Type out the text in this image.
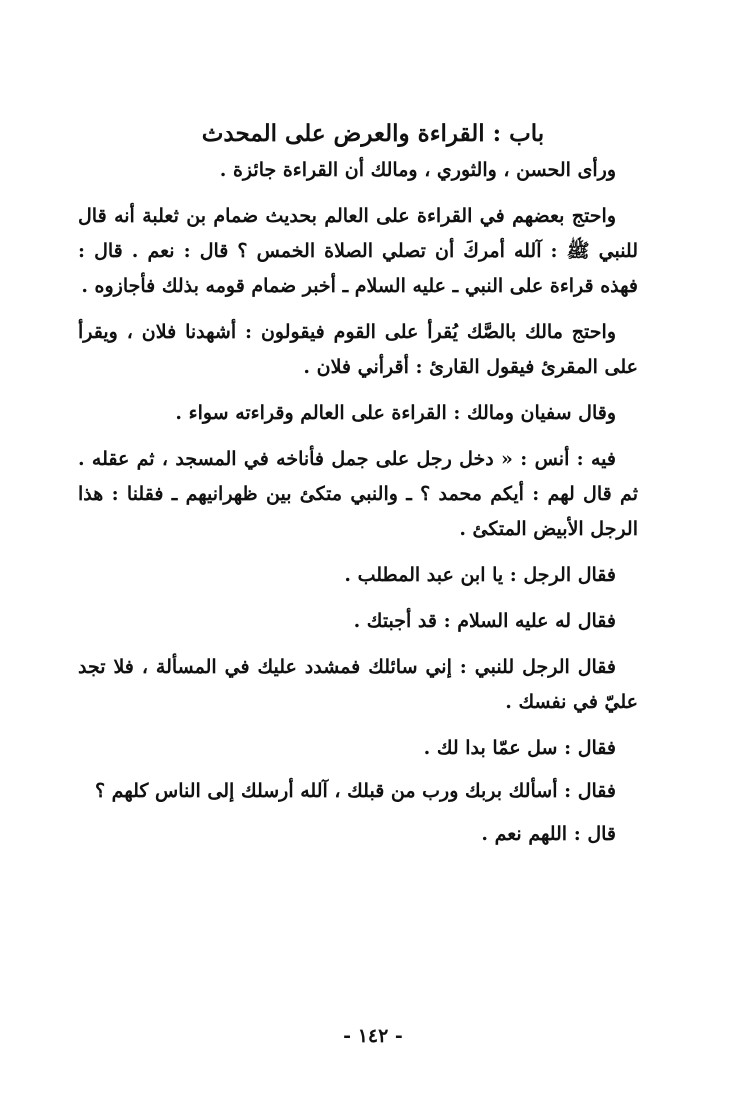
باب : القراءة والعرض على المحدث

ورأى الحسن ، والثوري ، ومالك أن القراءة جائزة .

واحتج بعضهم في القراءة على العالم بحديث ضمام بن ثعلبة أنه قال للنبي ﷺ : آلله أمركَ أن تصلي الصلاة الخمس ؟ قال : نعم . قال : فهذه قراءة على النبي ـ عليه السلام ـ أخبر ضمام قومه بذلك فأجازوه .

واحتج مالك بالصَّك يُقرأ على القوم فيقولون : أشهدنا فلان ، ويقرأ على المقرئ فيقول القارئ : أقرأني فلان .

وقال سفيان ومالك : القراءة على العالم وقراءته سواء .

فيه : أنس : « دخل رجل على جمل فأناخه في المسجد ، ثم عقله . ثم قال لهم : أيكم محمد ؟ ـ والنبي متكئ بين ظهرانيهم ـ فقلنا : هذا الرجل الأبيض المتكئ .

فقال الرجل : يا ابن عبد المطلب .

فقال له عليه السلام : قد أجبتك .

فقال الرجل للنبي : إني سائلك فمشدد عليك في المسألة ، فلا تجد عليّ في نفسك .

فقال : سل عمّا بدا لك .

فقال : أسألك بربك ورب من قبلك ، آلله أرسلك إلى الناس كلهم ؟

قال : اللهم نعم .

- ١٤٢ -
